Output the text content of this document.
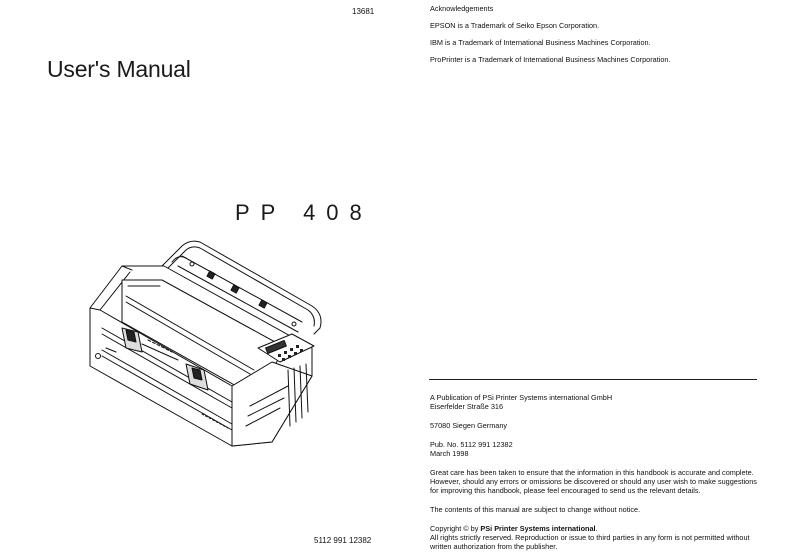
13681
User's Manual
PP 408
5112 991 12382

Acknowledgements

EPSON is a Trademark of Seiko Epson Corporation.

IBM is a Trademark of International Business Machines Corporation.

ProPrinter is a Trademark of International Business Machines Corporation.

A Publication of PSi Printer Systems international GmbH

Eiserfelder Straße 316

57080 Siegen Germany

Pub. No. 5112 991 12382

March 1998

Great care has been taken to ensure that the information in this handbook is accurate and complete.

However, should any errors or omissions be discovered or should any user wish to make suggestions

for improving this handbook, please feel encouraged to send us the relevant details.

The contents of this manual are subject to change without notice.

Copyright © by PSi Printer Systems international.

All rights strictly reserved. Reproduction or issue to third parties in any form is not permitted without

written authorization from the publisher.
